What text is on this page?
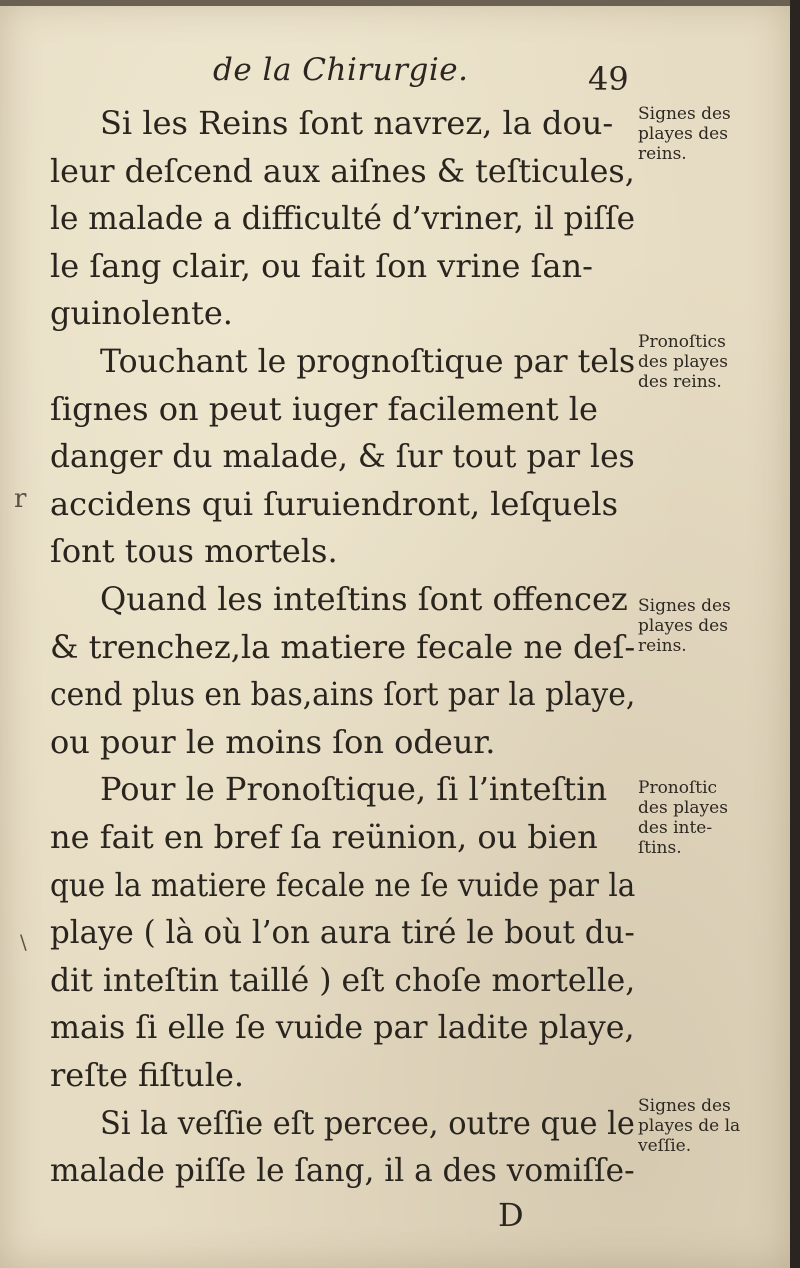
de la Chirurgie.	49
Si les Reins ſont navrez, la dou-
leur deſcend aux aiſnes & teſticules,
le malade a difficulté d’vriner, il piſſe
le ſang clair, ou fait ſon vrine ſan-
guinolente.
Touchant le prognoſtique par tels
ſignes on peut iuger facilement le
danger du malade, & ſur tout par les
accidens qui ſuruiendront, leſquels
ſont tous mortels.
Quand les inteſtins ſont offencez
& trenchez,la matiere fecale ne deſ-
cend plus en bas,ains ſort par la playe,
ou pour le moins ſon odeur.
Pour le Pronoſtique, ſi l’inteſtin
ne fait en bref ſa reünion, ou bien
que la matiere fecale ne ſe vuide par la
playe ( là où l’on aura tiré le bout du-
dit inteſtin taillé ) eſt choſe mortelle,
mais ſi elle ſe vuide par ladite playe,
reſte fiſtule.
Si la veſſie eſt percee, outre que le
malade piſſe le ſang, il a des vomiſſe-
Signes des
playes des
reins.
Pronoſtics
des playes
des reins.
Signes des
playes des
reins.
Pronoſtic
des playes
des inte-
ſtins.
Signes des
playes de la
veſſie.
D
r
\
